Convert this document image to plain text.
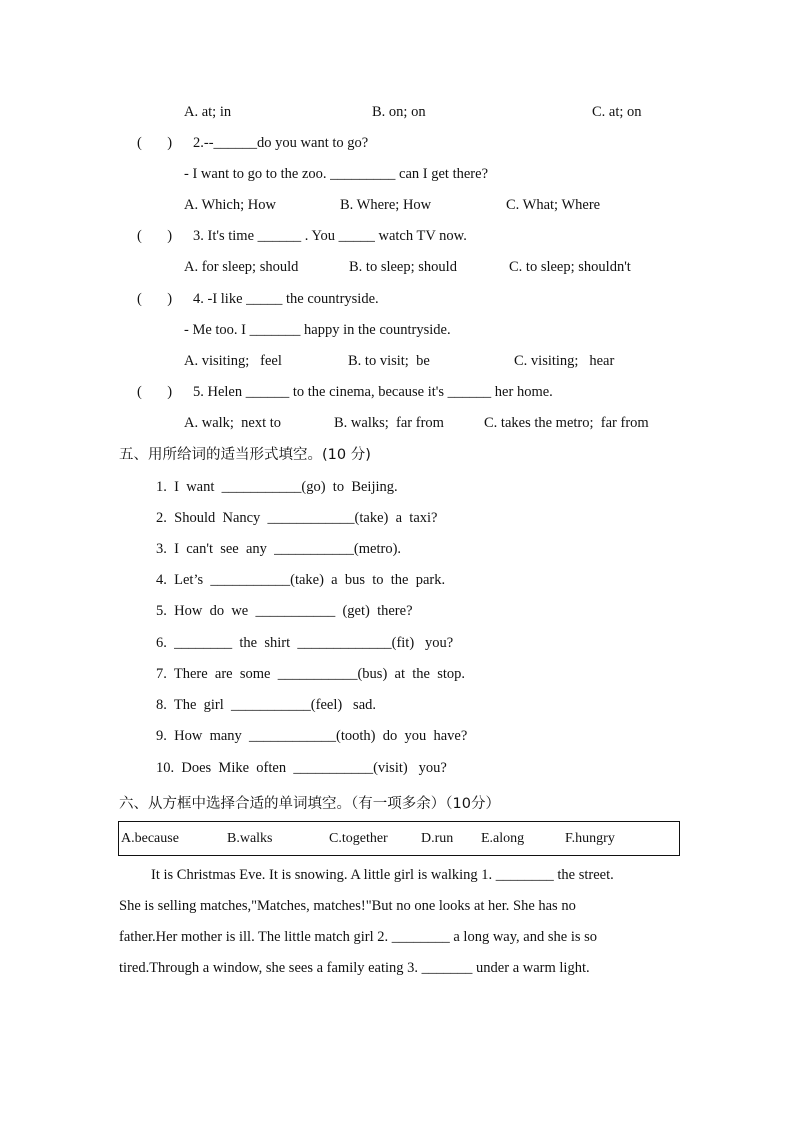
A. at; in	B. on; on	C. at; on
(       ) 2.--______do you want to go?
- I want to go to the zoo. _________ can I get there?
A. Which; How	B. Where; How	C. What; Where
(       ) 3. It's time ______ . You _____ watch TV now.
A. for sleep; should	B. to sleep; should	C. to sleep; shouldn't
(       ) 4. -I like _____ the countryside.
- Me too. I _______ happy in the countryside.
A. visiting;   feel	B. to visit;  be	C. visiting;   hear
(       ) 5. Helen ______ to the cinema, because it's ______ her home.
A. walk;  next to	B. walks;  far from	C. takes the metro;  far from
五、用所给词的适当形式填空。(10 分)
1.  I  want  ___________(go)  to  Beijing.
2.  Should  Nancy  ____________(take)  a  taxi?
3.  I  can't  see  any  ___________(metro).
4.  Let’s  ___________(take)  a  bus  to  the  park.
5.  How  do  we  ___________  (get)  there?
6.  ________  the  shirt  _____________(fit)   you?
7.  There  are  some  ___________(bus)  at  the  stop.
8.  The  girl  ___________(feel)   sad.
9.  How  many  ____________(tooth)  do  you  have?
10.  Does  Mike  often  ___________(visit)   you?
六、从方框中选择合适的单词填空。（有一项多余）（10分）
A.because	B.walks	C.together D.run E.along	F.hungry
It is Christmas Eve. It is snowing. A little girl is walking 1. ________ the street.
She is selling matches,"Matches, matches!"But no one looks at her. She has no
father.Her mother is ill. The little match girl 2. ________ a long way, and she is so
tired.Through a window, she sees a family eating 3. _______ under a warm light.
